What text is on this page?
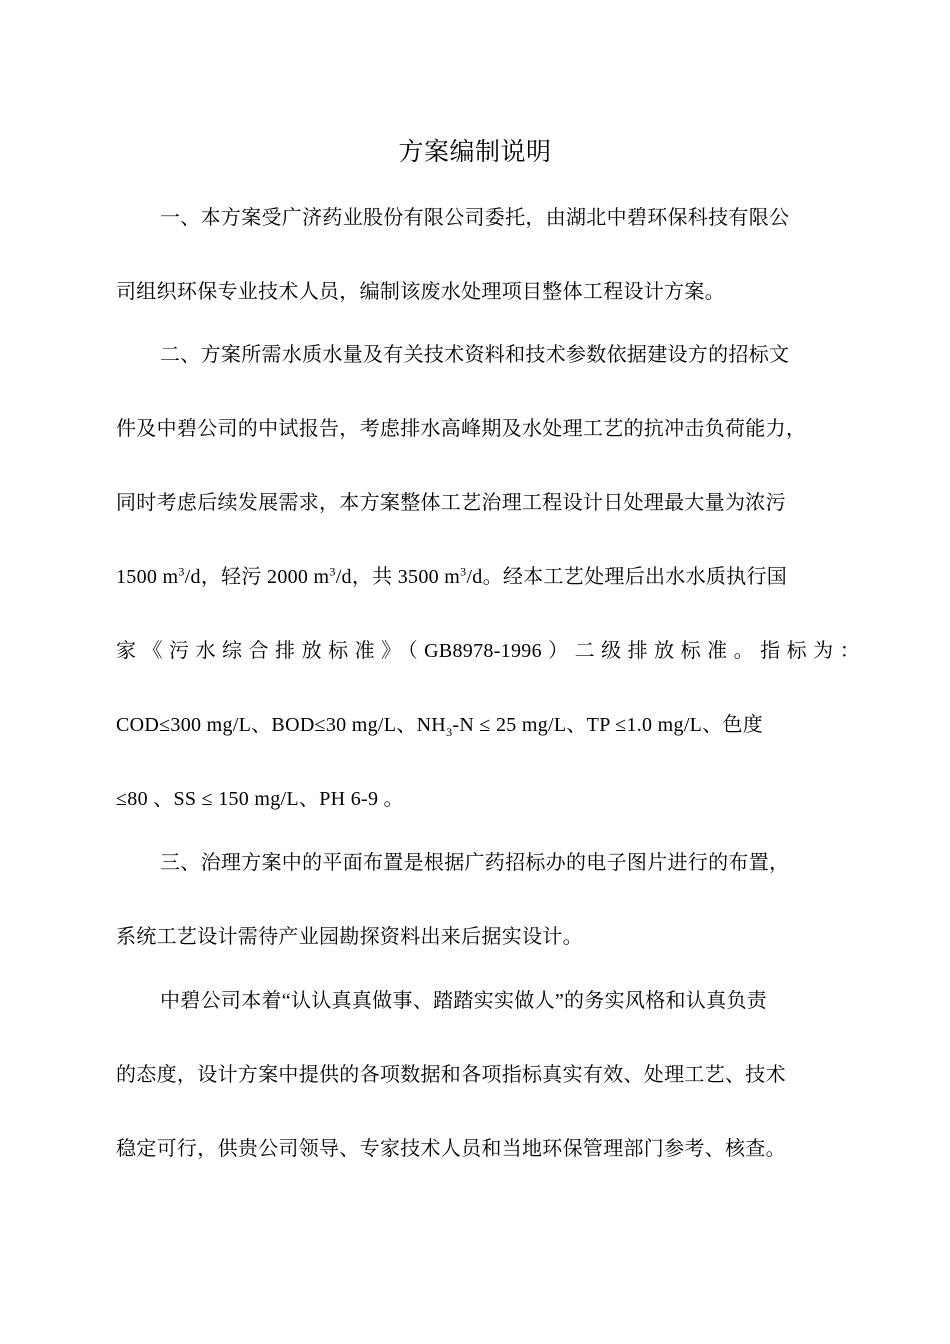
方案编制说明
一、本方案受广济药业股份有限公司委托，由湖北中碧环保科技有限公
司组织环保专业技术人员，编制该废水处理项目整体工程设计方案。
二、方案所需水质水量及有关技术资料和技术参数依据建设方的招标文
件及中碧公司的中试报告，考虑排水高峰期及水处理工艺的抗冲击负荷能力，
同时考虑后续发展需求，本方案整体工艺治理工程设计日处理最大量为浓污
1500 $m^3/d$，轻污 2000 $m^3/d$，共 3500 $m^3/d$。经本工艺处理后出水水质执行国
家《污水综合排放标准》（GB8978-1996）二级排放标准。指标为：
COD≤300 mg/L、BOD≤30 mg/L、$NH_3-N \le 25$ mg/L、TP ≤1.0 mg/L、色度
≤80 、SS ≤ 150 mg/L、PH 6-9 。
三、治理方案中的平面布置是根据广药招标办的电子图片进行的布置，
系统工艺设计需待产业园勘探资料出来后据实设计。
中碧公司本着“认认真真做事、踏踏实实做人”的务实风格和认真负责
的态度，设计方案中提供的各项数据和各项指标真实有效、处理工艺、技术
稳定可行，供贵公司领导、专家技术人员和当地环保管理部门参考、核查。
